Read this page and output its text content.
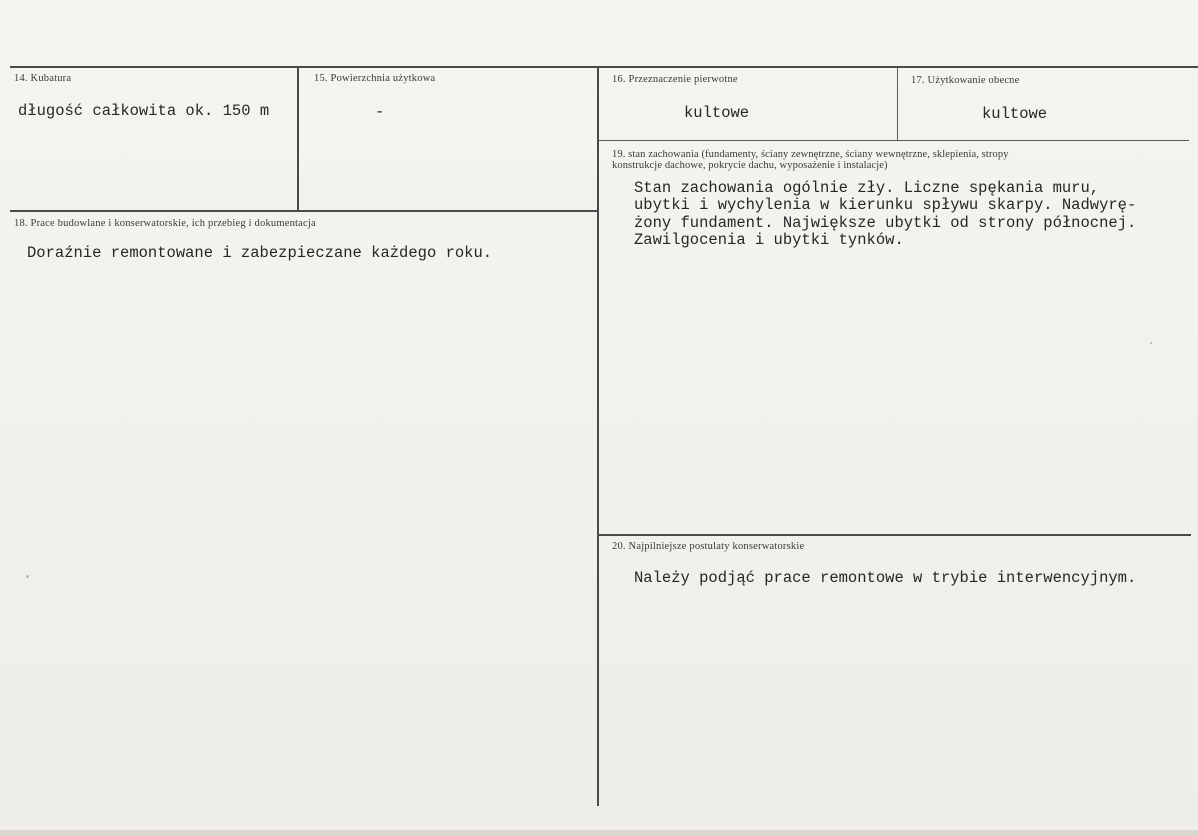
14. Kubatura
długość całkowita ok. 150 m
15. Powierzchnia użytkowa
-
16. Przeznaczenie pierwotne
kultowe
17. Użytkowanie obecne
kultowe
18. Prace budowlane i konserwatorskie, ich przebieg i dokumentacja
Doraźnie remontowane i zabezpieczane każdego roku.
19. stan zachowania (fundamenty, ściany zewnętrzne, ściany wewnętrzne, sklepienia, stropy
konstrukcje dachowe, pokrycie dachu, wyposażenie i instalacje)
Stan zachowania ogólnie zły. Liczne spękania muru,
ubytki i wychylenia w kierunku spływu skarpy. Nadwyrę-
żony fundament. Największe ubytki od strony północnej.
Zawilgocenia i ubytki tynków.
20. Najpilniejsze postulaty konserwatorskie
Należy podjąć prace remontowe w trybie interwencyjnym.
